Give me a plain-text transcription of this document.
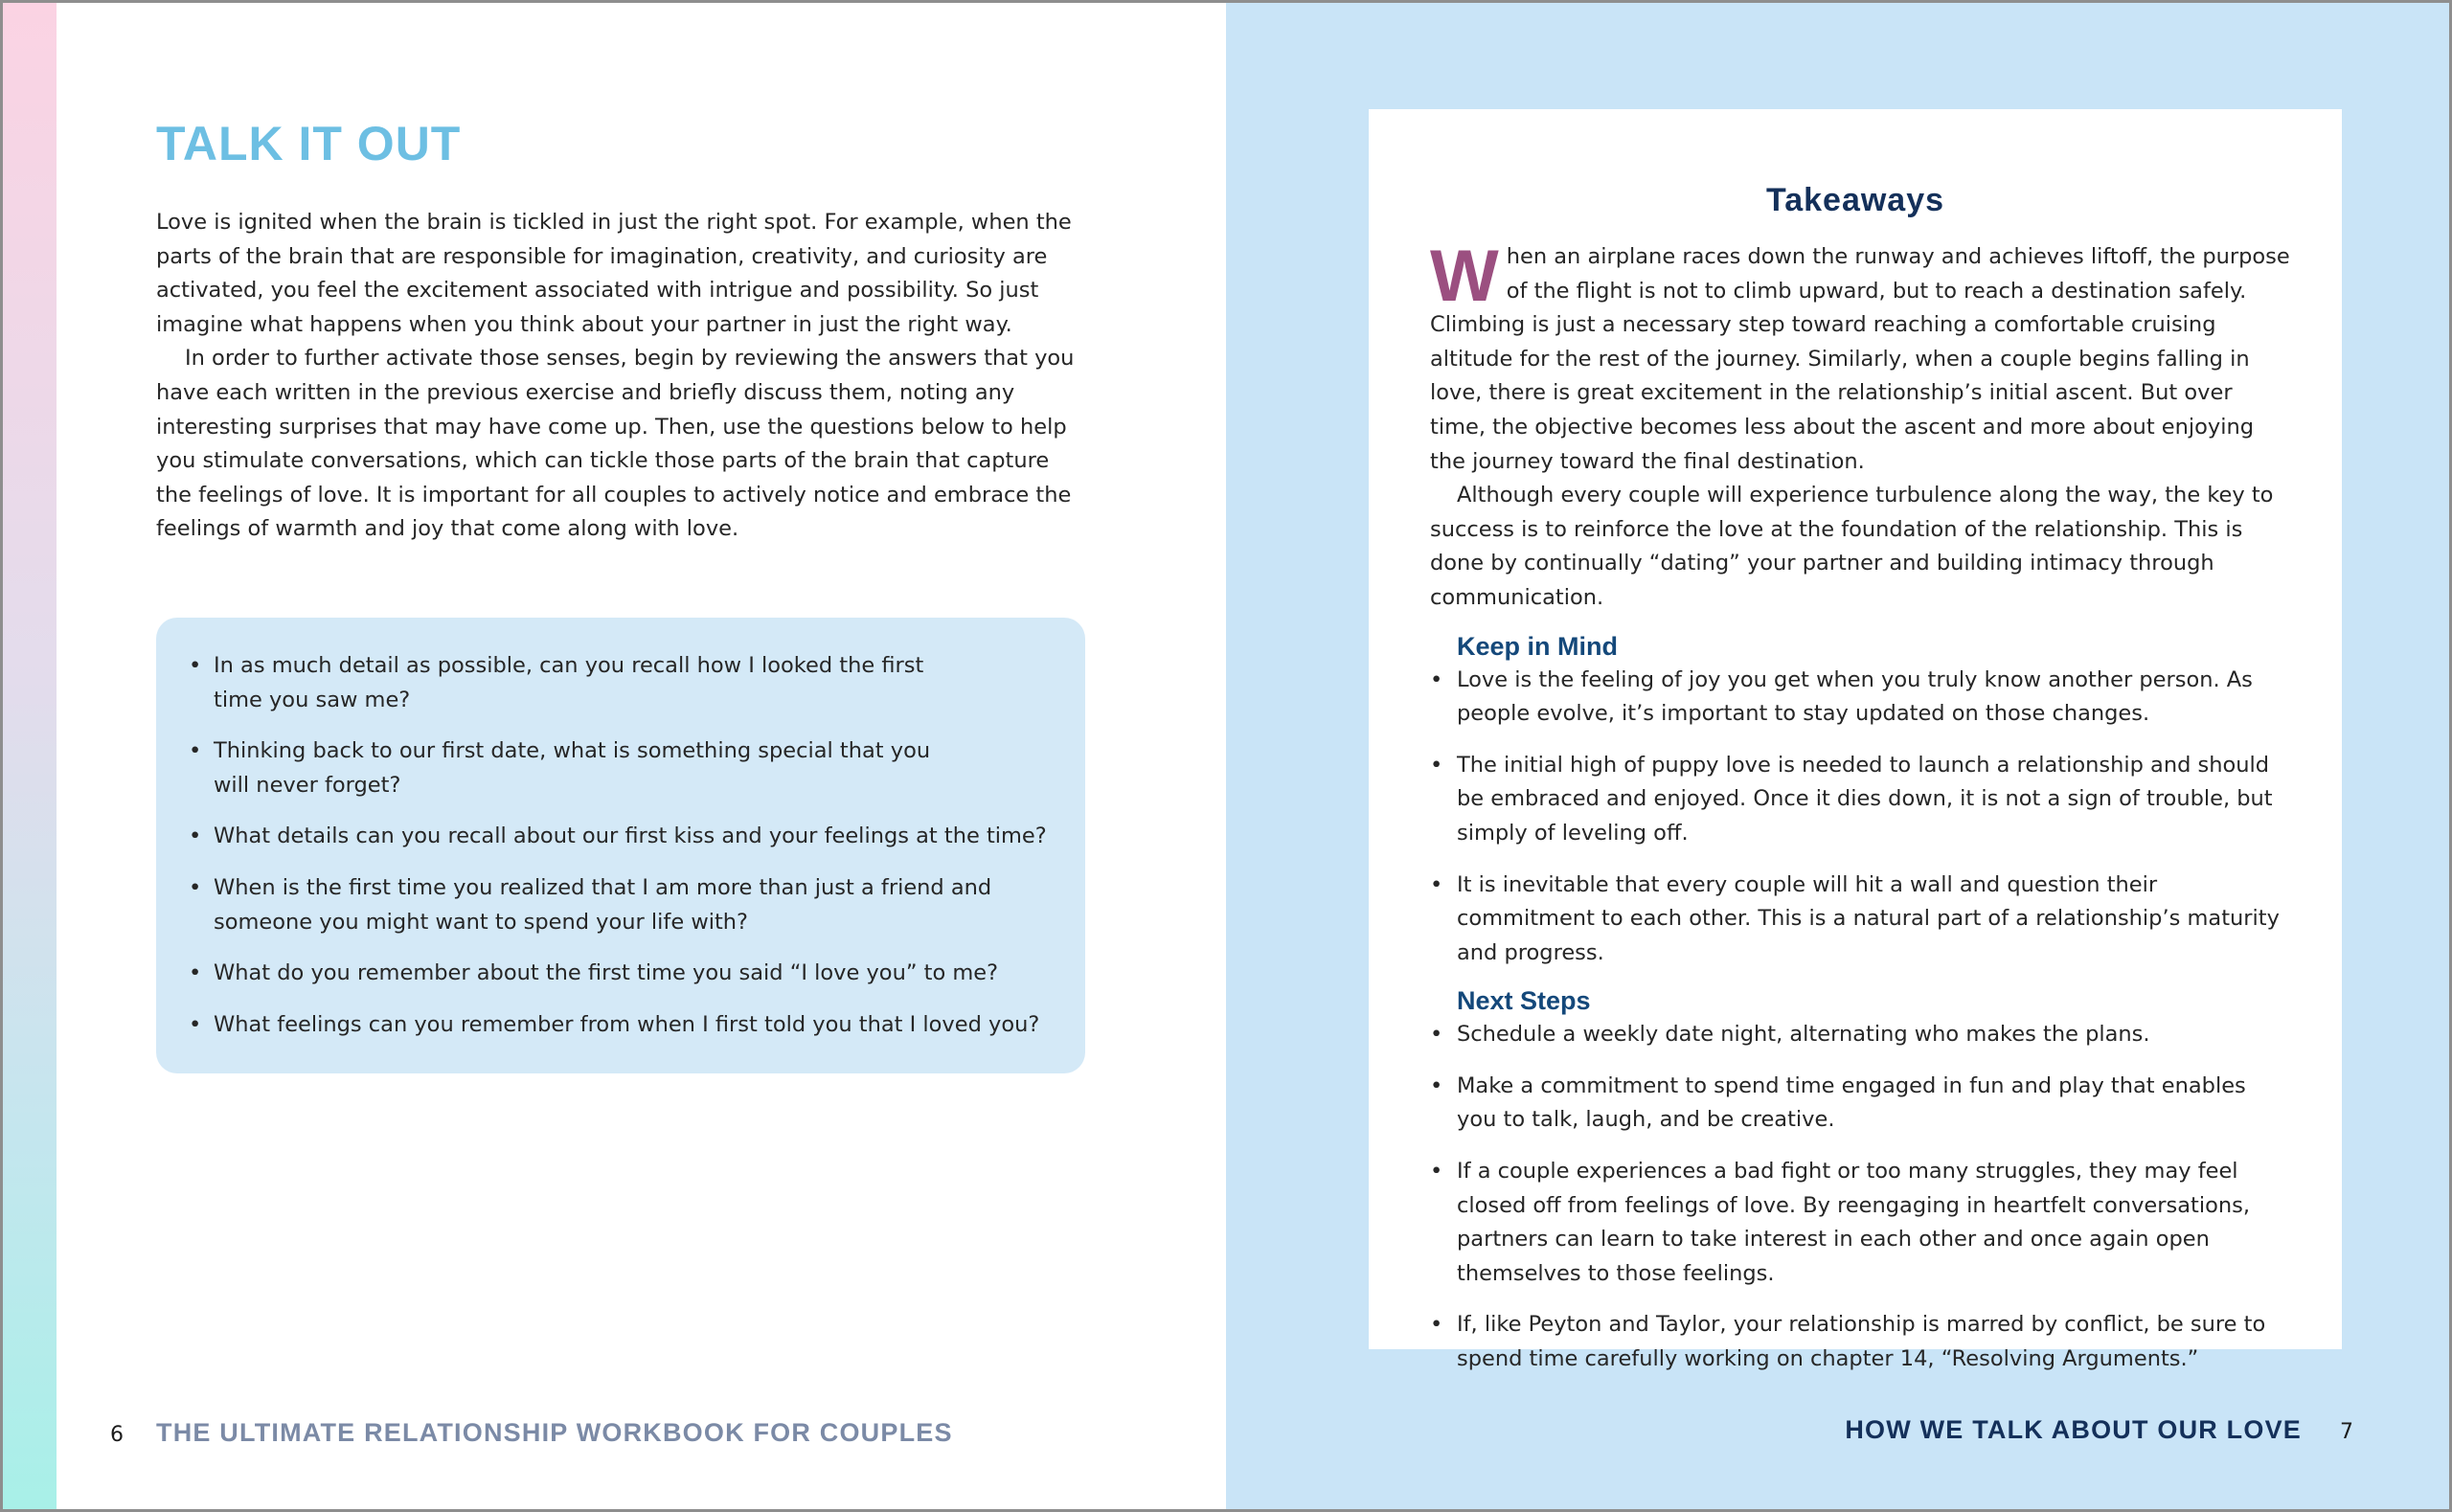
TALK IT OUT

Love is ignited when the brain is tickled in just the right spot. For example, when the parts of the brain that are responsible for imagination, creativity, and curiosity are activated, you feel the excitement associated with intrigue and possibility. So just imagine what happens when you think about your partner in just the right way.

In order to further activate those senses, begin by reviewing the answers that you have each written in the previous exercise and briefly discuss them, noting any interesting surprises that may have come up. Then, use the questions below to help you stimulate conversations, which can tickle those parts of the brain that capture the feelings of love. It is important for all couples to actively notice and embrace the feelings of warmth and joy that come along with love.

• In as much detail as possible, can you recall how I looked the first time you saw me?
• Thinking back to our first date, what is something special that you will never forget?
• What details can you recall about our first kiss and your feelings at the time?
• When is the first time you realized that I am more than just a friend and someone you might want to spend your life with?
• What do you remember about the first time you said “I love you” to me?
• What feelings can you remember from when I first told you that I loved you?
6 THE ULTIMATE RELATIONSHIP WORKBOOK FOR COUPLES
Takeaways

When an airplane races down the runway and achieves liftoff, the purpose of the flight is not to climb upward, but to reach a destination safely. Climbing is just a necessary step toward reaching a comfortable cruising altitude for the rest of the journey. Similarly, when a couple begins falling in love, there is great excitement in the relationship’s initial ascent. But over time, the objective becomes less about the ascent and more about enjoying the journey toward the final destination.

Although every couple will experience turbulence along the way, the key to success is to reinforce the love at the foundation of the relationship. This is done by continually “dating” your partner and building intimacy through communication.

Keep in Mind
• Love is the feeling of joy you get when you truly know another person. As people evolve, it’s important to stay updated on those changes.
• The initial high of puppy love is needed to launch a relationship and should be embraced and enjoyed. Once it dies down, it is not a sign of trouble, but simply of leveling off.
• It is inevitable that every couple will hit a wall and question their commitment to each other. This is a natural part of a relationship’s maturity and progress.
Next Steps
• Schedule a weekly date night, alternating who makes the plans.
• Make a commitment to spend time engaged in fun and play that enables you to talk, laugh, and be creative.
• If a couple experiences a bad fight or too many struggles, they may feel closed off from feelings of love. By reengaging in heartfelt conversations, partners can learn to take interest in each other and once again open themselves to those feelings.
• If, like Peyton and Taylor, your relationship is marred by conflict, be sure to spend time carefully working on chapter 14, “Resolving Arguments.”
HOW WE TALK ABOUT OUR LOVE 7
